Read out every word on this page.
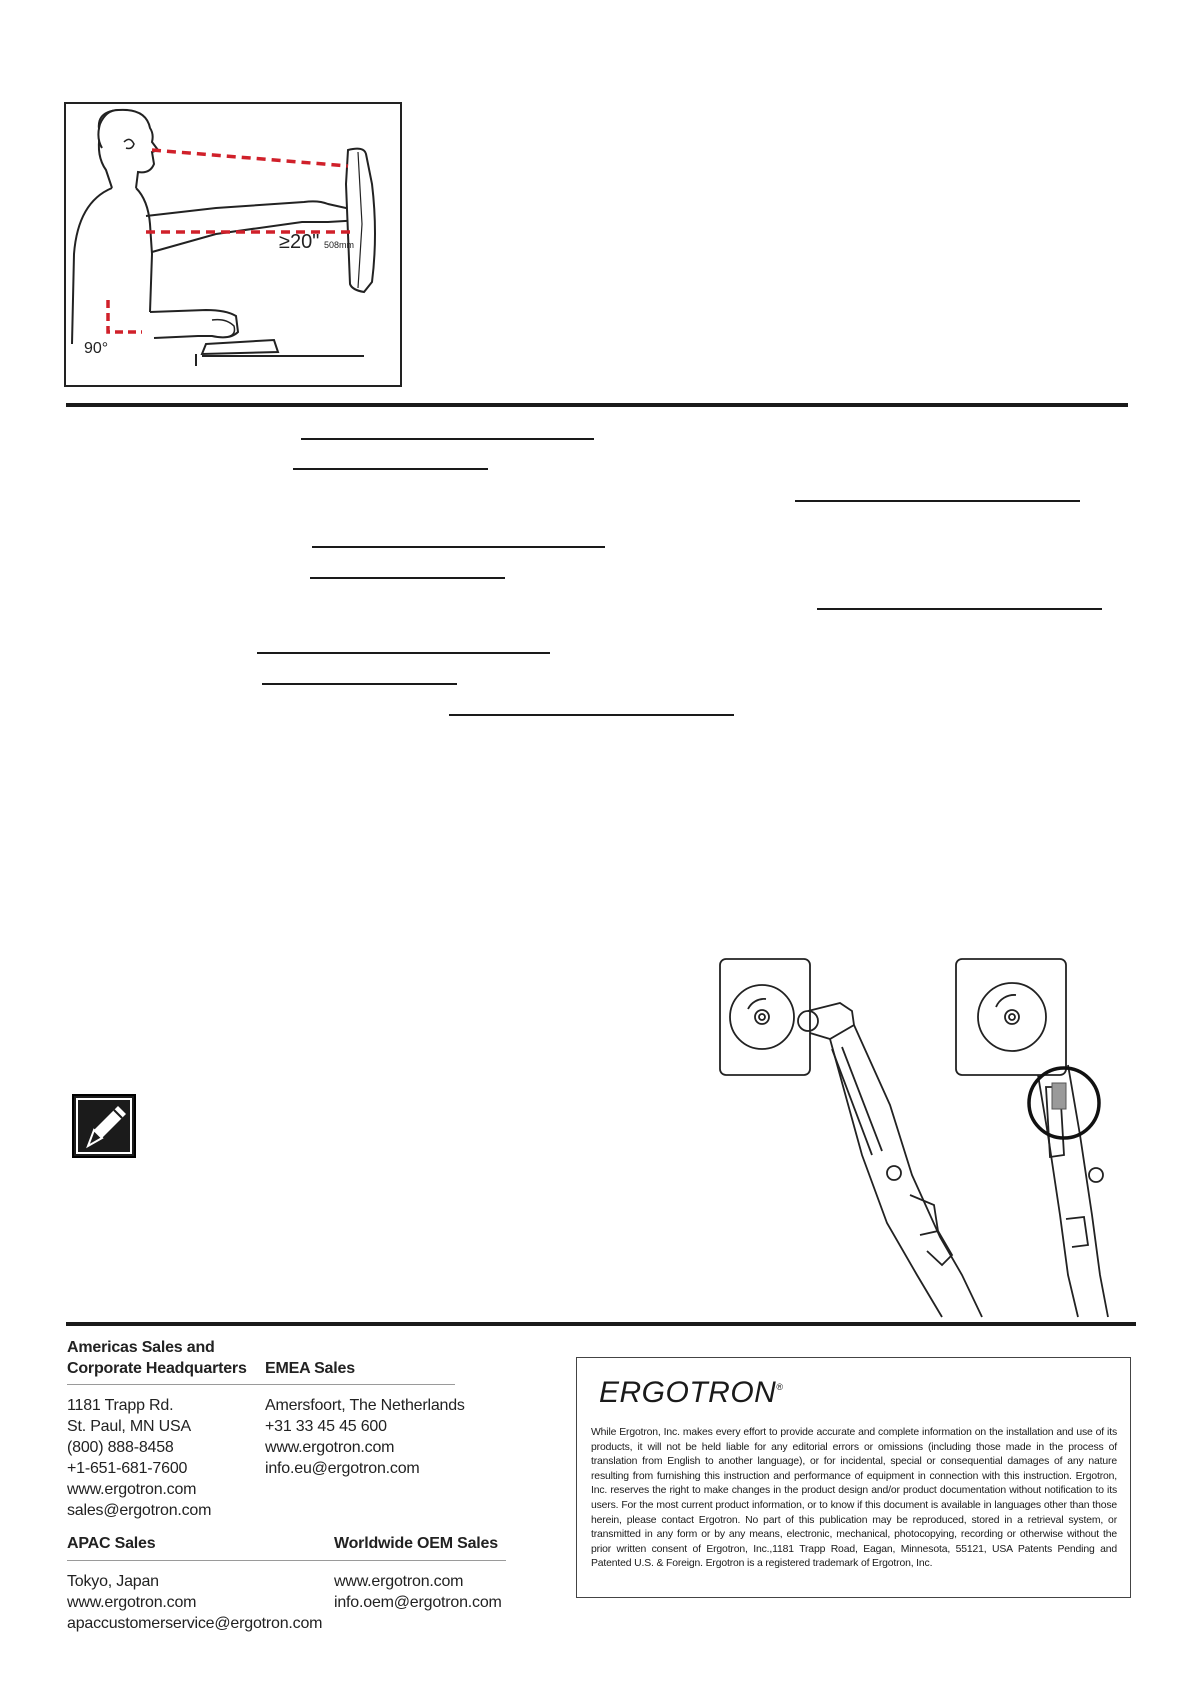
≥20" 508mm
90°
Americas Sales and
Corporate Headquarters
1181 Trapp Rd.
St. Paul, MN USA
(800) 888-8458
+1-651-681-7600
www.ergotron.com
sales@ergotron.com
EMEA Sales
Amersfoort, The Netherlands
+31 33 45 45 600
www.ergotron.com
info.eu@ergotron.com
APAC Sales
Tokyo, Japan
www.ergotron.com
apaccustomerservice@ergotron.com
Worldwide OEM Sales
www.ergotron.com
info.oem@ergotron.com
ERGOTRON®
While Ergotron, Inc. makes every effort to provide accurate and complete information on the installation and use of its products, it will not be held liable for any editorial errors or omissions (including those made in the process of translation from English to another language), or for incidental, special or consequential damages of any nature resulting from furnishing this instruction and performance of equipment in connection with this instruction. Ergotron, Inc. reserves the right to make changes in the product design and/or product documentation without notification to its users. For the most current product information, or to know if this document is available in languages other than those herein, please contact Ergotron. No part of this publication may be reproduced, stored in a retrieval system, or transmitted in any form or by any means, electronic, mechanical, photocopying, recording or otherwise without the prior written consent of Ergotron, Inc.,1181 Trapp Road, Eagan, Minnesota, 55121, USA Patents Pending and Patented U.S. & Foreign. Ergotron is a registered trademark of Ergotron, Inc.
